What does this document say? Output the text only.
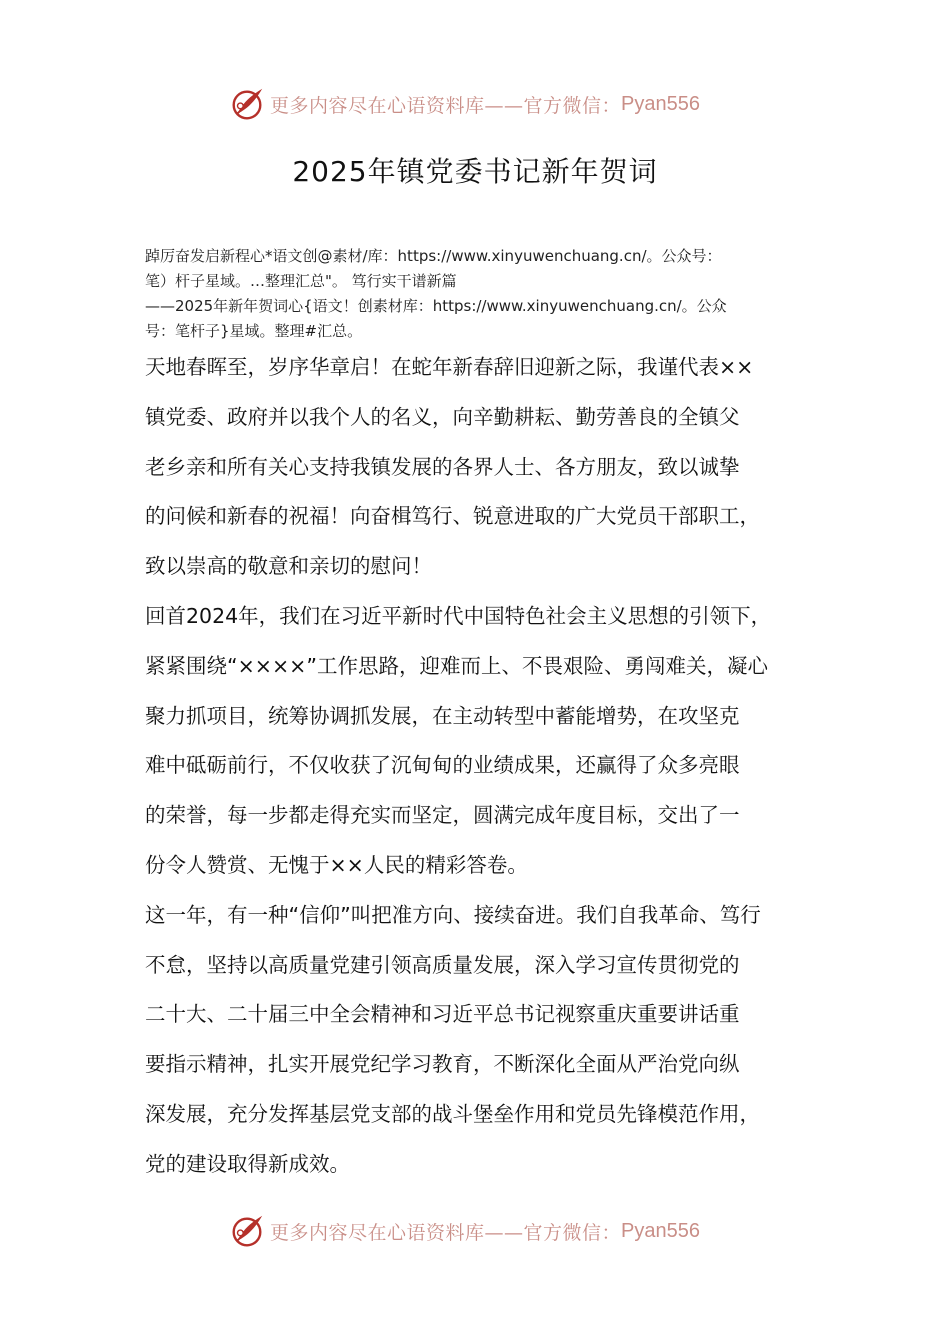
更多内容尽在心语资料库——官方微信： Pyan556
2025年镇党委书记新年贺词
踔厉奋发启新程心*语文创@素材/库：https://www.xinyuwenchuang.cn/。公众号：
笔）杆子星域。…整理汇总"。 笃行实干谱新篇
——2025年新年贺词心{语文！创素材库：https://www.xinyuwenchuang.cn/。公众
号：笔杆子}星域。整理#汇总。

天地春晖至，岁序华章启！在蛇年新春辞旧迎新之际，我谨代表××
镇党委、政府并以我个人的名义，向辛勤耕耘、勤劳善良的全镇父
老乡亲和所有关心支持我镇发展的各界人士、各方朋友，致以诚挚
的问候和新春的祝福！向奋楫笃行、锐意进取的广大党员干部职工，
致以崇高的敬意和亲切的慰问！

回首2024年，我们在习近平新时代中国特色社会主义思想的引领下，
紧紧围绕“××××”工作思路，迎难而上、不畏艰险、勇闯难关，凝心
聚力抓项目，统筹协调抓发展，在主动转型中蓄能增势，在攻坚克
难中砥砺前行，不仅收获了沉甸甸的业绩成果，还赢得了众多亮眼
的荣誉，每一步都走得充实而坚定，圆满完成年度目标，交出了一
份令人赞赏、无愧于××人民的精彩答卷。

这一年，有一种“信仰”叫把准方向、接续奋进。我们自我革命、笃行
不怠，坚持以高质量党建引领高质量发展，深入学习宣传贯彻党的
二十大、二十届三中全会精神和习近平总书记视察重庆重要讲话重
要指示精神，扎实开展党纪学习教育，不断深化全面从严治党向纵
深发展，充分发挥基层党支部的战斗堡垒作用和党员先锋模范作用，
党的建设取得新成效。

更多内容尽在心语资料库——官方微信： Pyan556
